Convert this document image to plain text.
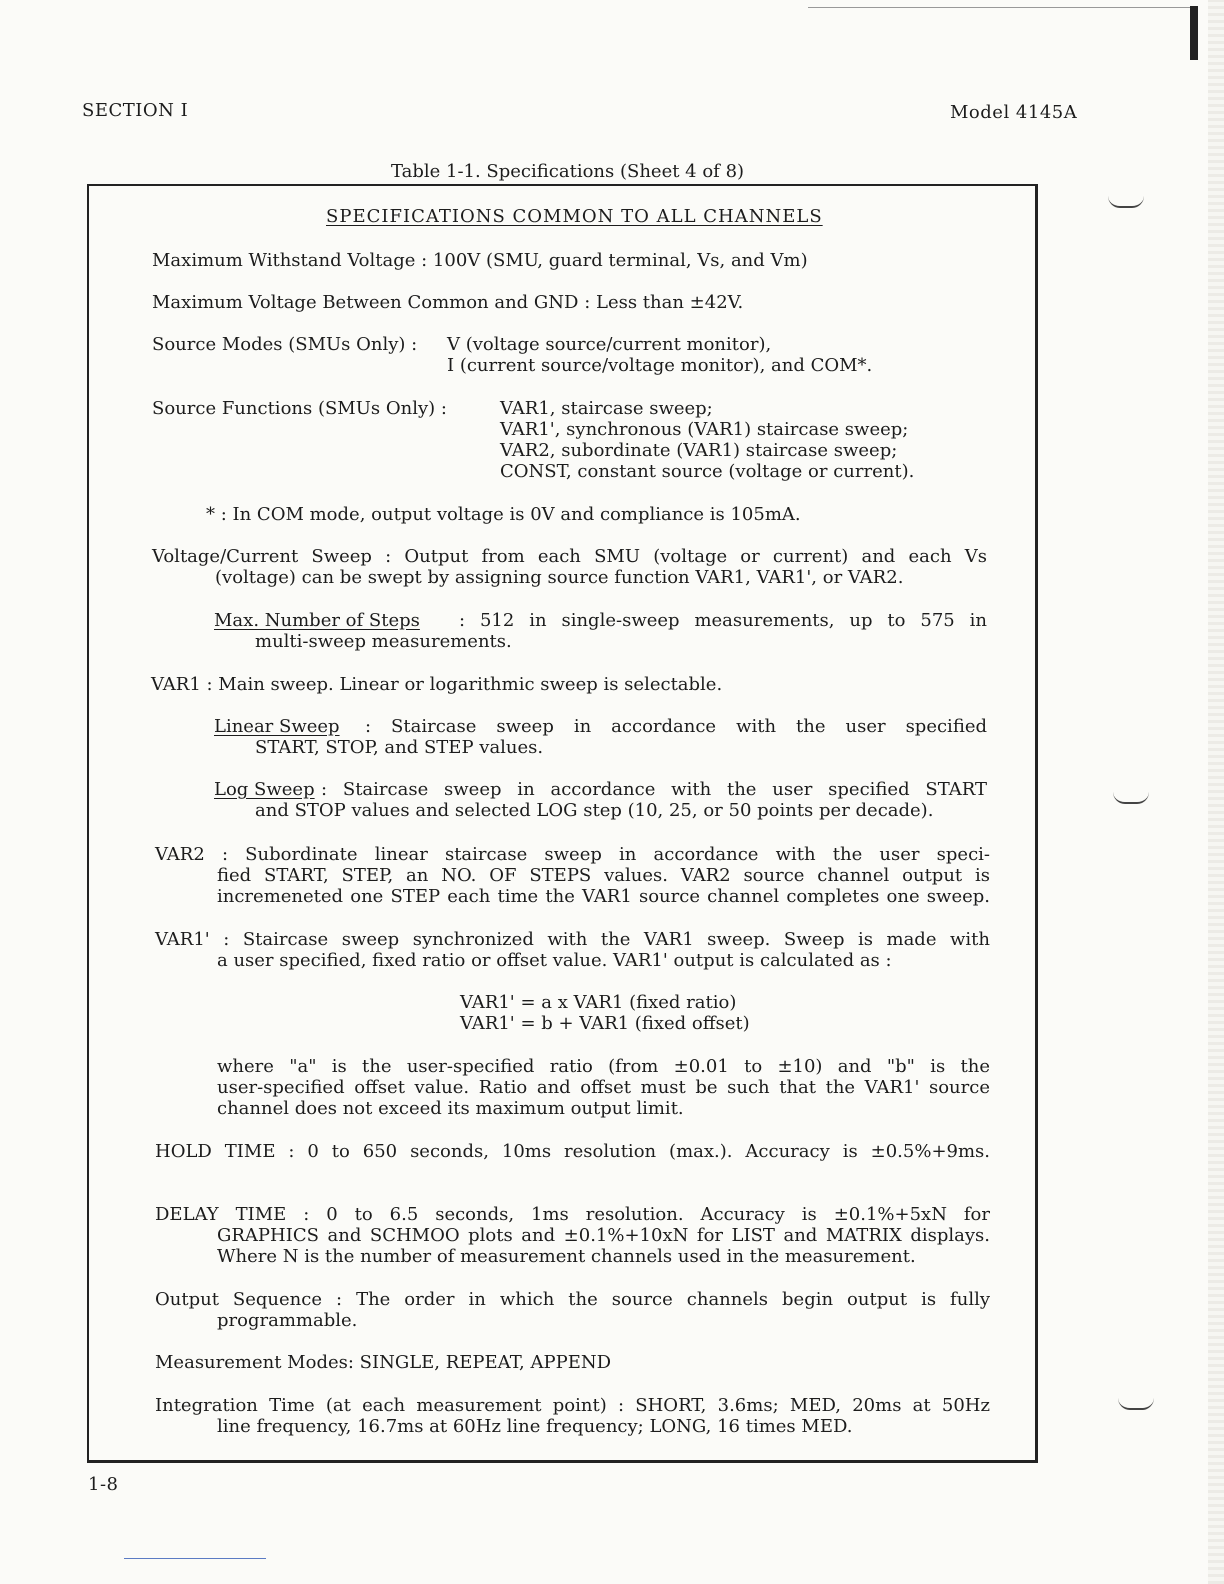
SECTION I	Model 4145A
Table 1-1. Specifications (Sheet 4 of 8)
SPECIFICATIONS COMMON TO ALL CHANNELS
Maximum Withstand Voltage : 100V (SMU, guard terminal, Vs, and Vm)
Maximum Voltage Between Common and GND : Less than ±42V.
Source Modes (SMUs Only) : V (voltage source/current monitor),
I (current source/voltage monitor), and COM*.
Source Functions (SMUs Only) :	VAR1, staircase sweep;
VAR1', synchronous (VAR1) staircase sweep;
VAR2, subordinate (VAR1) staircase sweep;
CONST, constant source (voltage or current).
* : In COM mode, output voltage is 0V and compliance is 105mA.
Voltage/Current Sweep : Output from each SMU (voltage or current) and each Vs
(voltage) can be swept by assigning source function VAR1, VAR1', or VAR2.
Max. Number of Steps : 512 in single-sweep measurements, up to 575 in
multi-sweep measurements.
VAR1 : Main sweep. Linear or logarithmic sweep is selectable.
Linear Sweep : Staircase sweep in accordance with the user specified
START, STOP, and STEP values.
Log Sweep : Staircase sweep in accordance with the user specified START
and STOP values and selected LOG step (10, 25, or 50 points per decade).
VAR2 : Subordinate linear staircase sweep in accordance with the user speci-
fied START, STEP, an NO. OF STEPS values. VAR2 source channel output is
incremeneted one STEP each time the VAR1 source channel completes one sweep.
VAR1' : Staircase sweep synchronized with the VAR1 sweep. Sweep is made with
a user specified, fixed ratio or offset value. VAR1' output is calculated as :
VAR1' = a x VAR1 (fixed ratio)
VAR1' = b + VAR1 (fixed offset)
where "a" is the user-specified ratio (from ±0.01 to ±10) and "b" is the
user-specified offset value. Ratio and offset must be such that the VAR1' source
channel does not exceed its maximum output limit.
HOLD TIME : 0 to 650 seconds, 10ms resolution (max.). Accuracy is ±0.5%+9ms.
DELAY TIME : 0 to 6.5 seconds, 1ms resolution. Accuracy is ±0.1%+5xN for
GRAPHICS and SCHMOO plots and ±0.1%+10xN for LIST and MATRIX displays.
Where N is the number of measurement channels used in the measurement.
Output Sequence : The order in which the source channels begin output is fully
programmable.
Measurement Modes: SINGLE, REPEAT, APPEND
Integration Time (at each measurement point) : SHORT, 3.6ms; MED, 20ms at 50Hz
line frequency, 16.7ms at 60Hz line frequency; LONG, 16 times MED.
1-8
